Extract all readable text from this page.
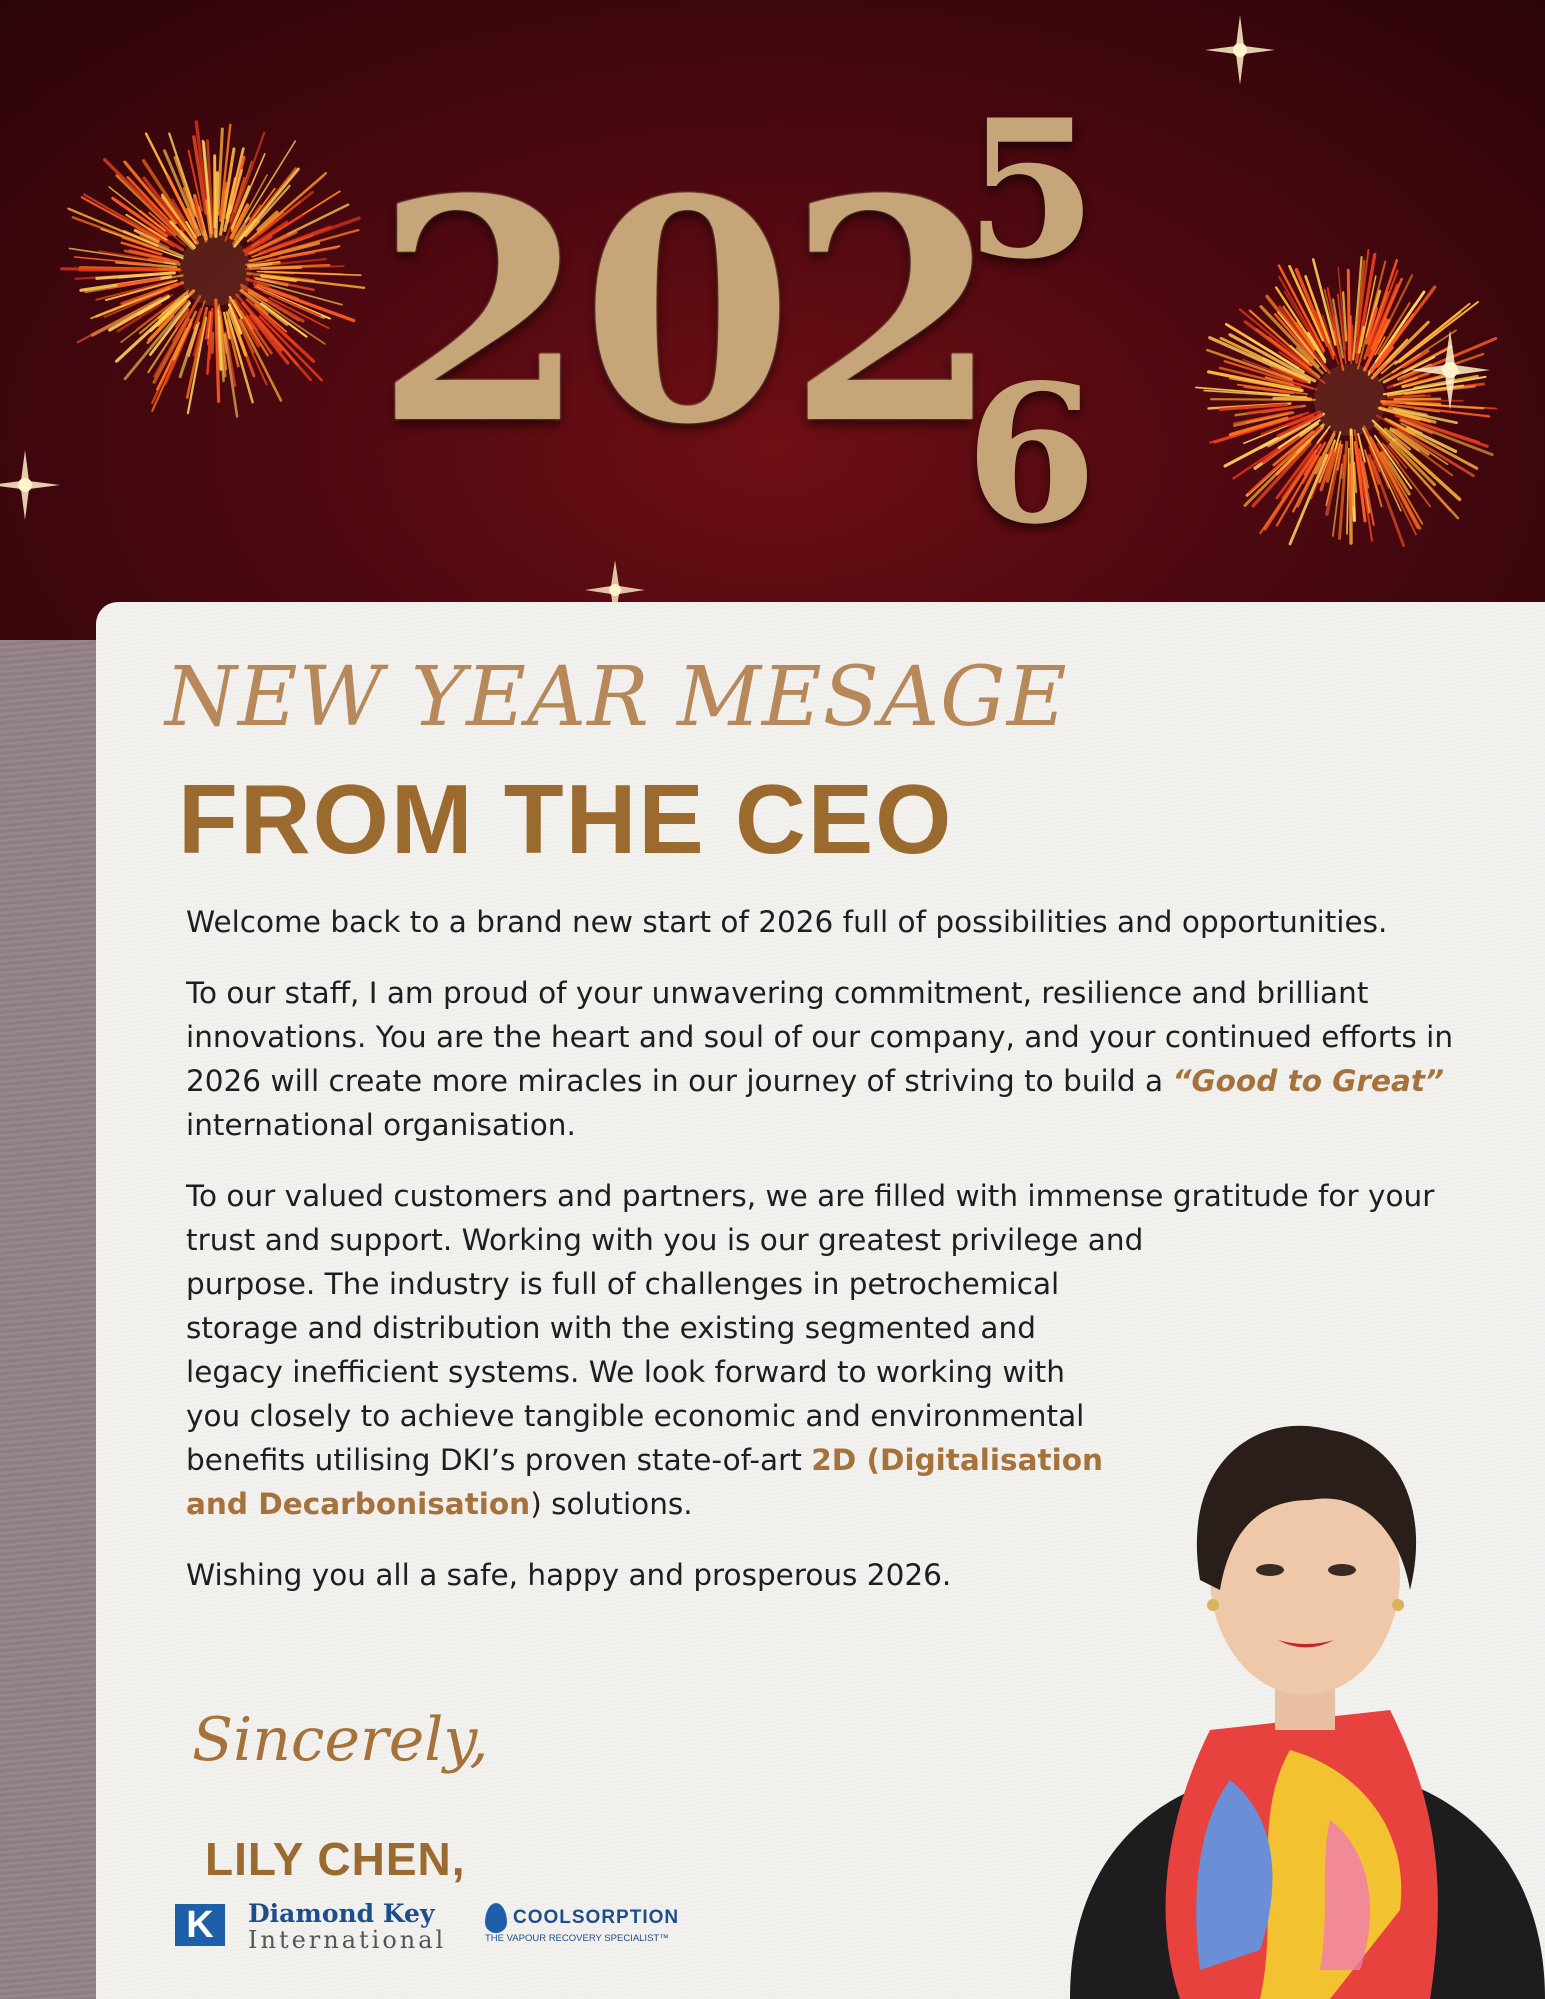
202
5
6
NEW YEAR MESAGE
FROM THE CEO

Welcome back to a brand new start of 2026 full of possibilities and opportunities.

To our staff, I am proud of your unwavering commitment, resilience and brilliant innovations. You are the heart and soul of our company, and your continued efforts in 2026 will create more miracles in our journey of striving to build a “Good to Great” international organisation.

To our valued customers and partners, we are filled with immense gratitude for your trust and support. Working with you is our greatest privilege and
purpose. The industry is full of challenges in petrochemical storage and distribution with the existing segmented and legacy inefficient systems. We look forward to working with you closely to achieve tangible economic and environmental benefits utilising DKI’s proven state-of-art 2D (Digitalisation and Decarbonisation) solutions.

Wishing you all a safe, happy and prosperous 2026.

Sincerely,
LILY CHEN,
K	Diamond Key
International
COOLSORPTION
THE VAPOUR RECOVERY SPECIALIST™
